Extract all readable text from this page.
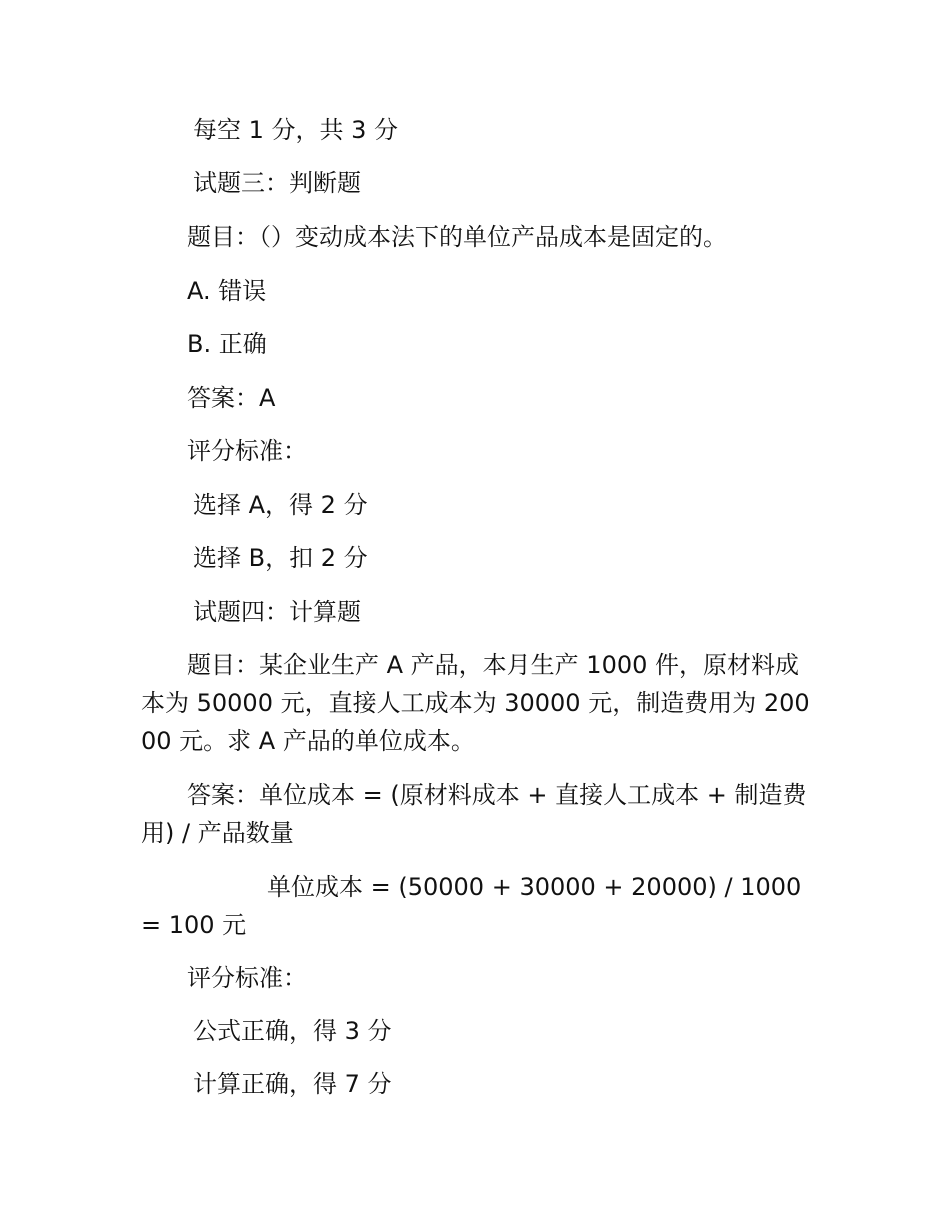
每空 1 分，共 3 分
试题三：判断题
题目：（）变动成本法下的单位产品成本是固定的。
A. 错误
B. 正确
答案：A
评分标准：
选择 A，得 2 分
选择 B，扣 2 分
试题四：计算题
题目：某企业生产 A 产品，本月生产 1000 件，原材料成本为 50000 元，直接人工成本为 30000 元，制造费用为 20000 元。求 A 产品的单位成本。
答案：单位成本 = (原材料成本 + 直接人工成本 + 制造费用) / 产品数量
单位成本 = (50000 + 30000 + 20000) / 1000 = 100 元
评分标准：
公式正确，得 3 分
计算正确，得 7 分
